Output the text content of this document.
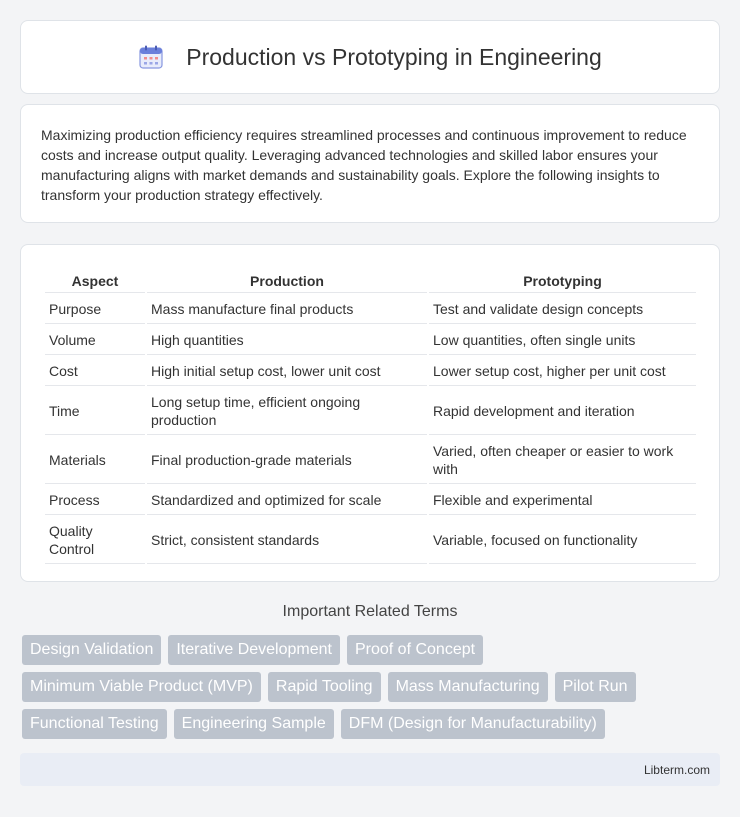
Production vs Prototyping in Engineering

Maximizing production efficiency requires streamlined processes and continuous improvement to reduce costs and increase output quality. Leveraging advanced technologies and skilled labor ensures your manufacturing aligns with market demands and sustainability goals. Explore the following insights to transform your production strategy effectively.

Aspect	Production	Prototyping
Purpose	Mass manufacture final products	Test and validate design concepts
Volume	High quantities	Low quantities, often single units
Cost	High initial setup cost, lower unit cost	Lower setup cost, higher per unit cost
Time	Long setup time, efficient ongoing production	Rapid development and iteration
Materials	Final production-grade materials	Varied, often cheaper or easier to work with
Process	Standardized and optimized for scale	Flexible and experimental
Quality Control	Strict, consistent standards	Variable, focused on functionality
Important Related Terms
Design Validation	Iterative Development	Proof of Concept
Minimum Viable Product (MVP)	Rapid Tooling	Mass Manufacturing	Pilot Run
Functional Testing	Engineering Sample	DFM (Design for Manufacturability)
Libterm.com
